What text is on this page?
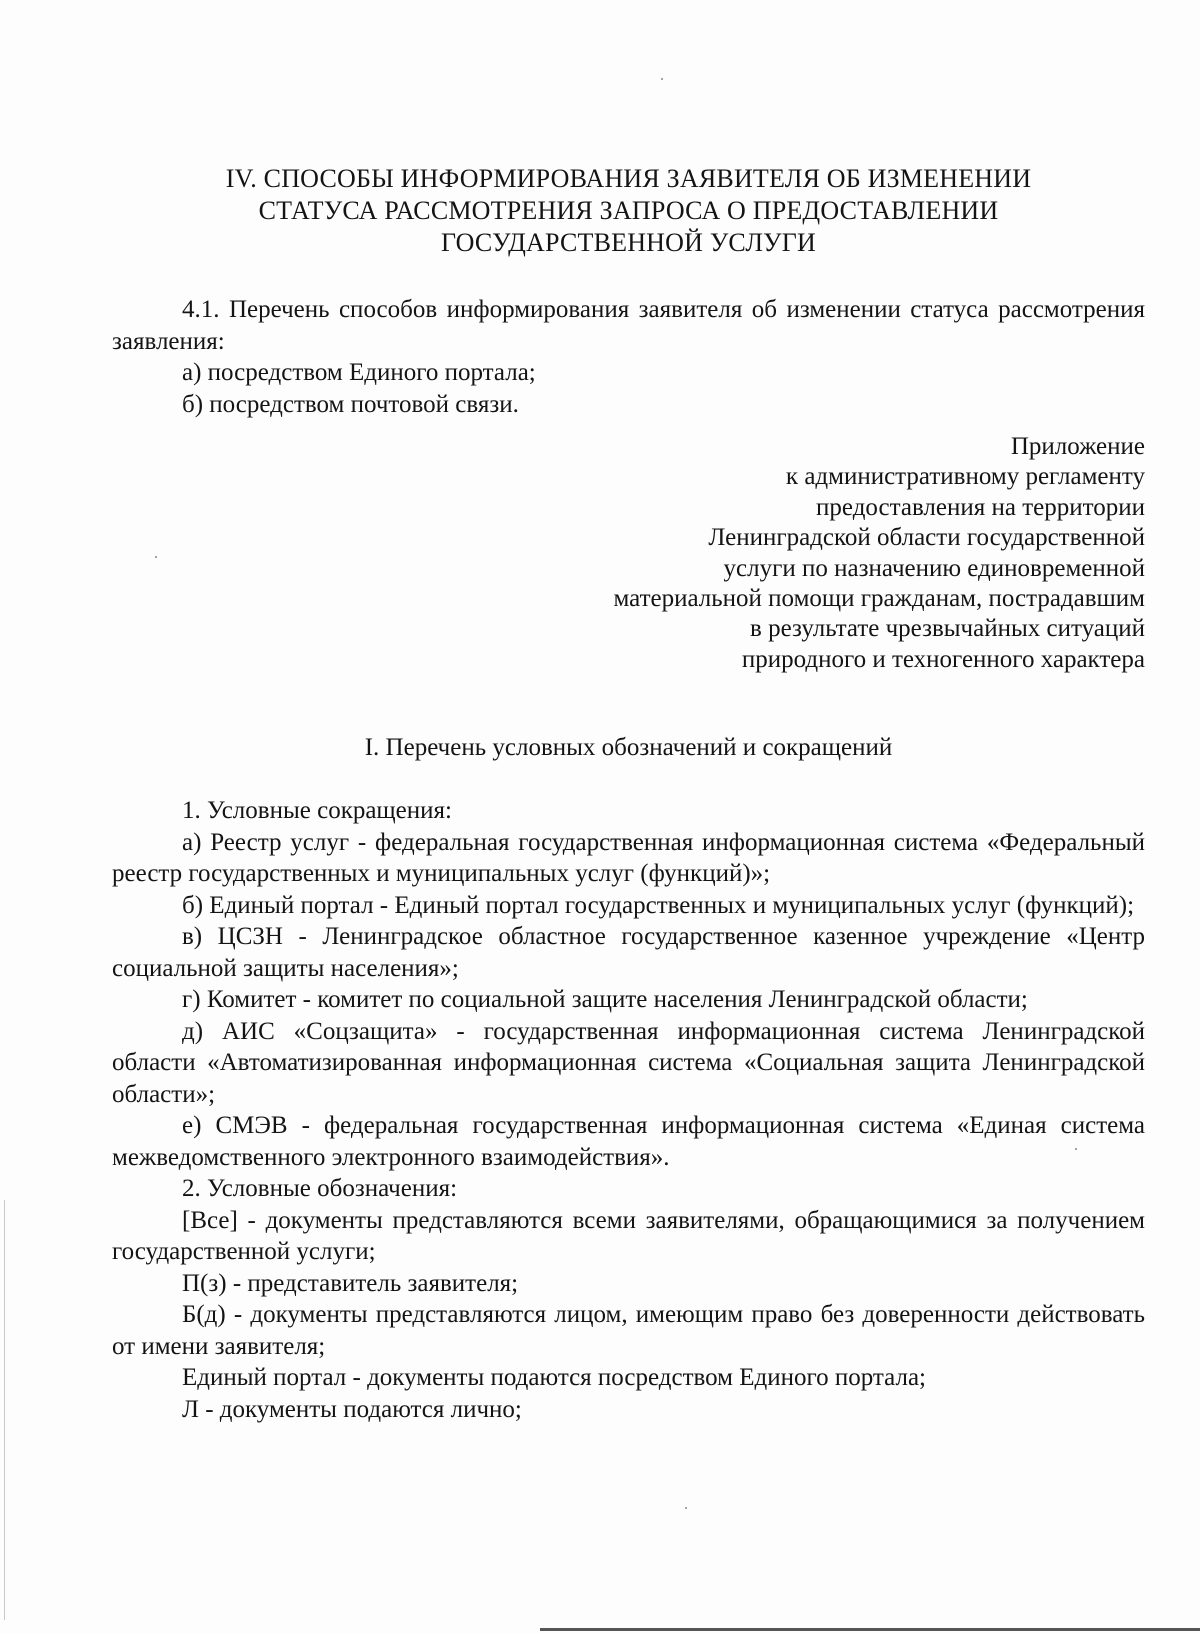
IV. СПОСОБЫ ИНФОРМИРОВАНИЯ ЗАЯВИТЕЛЯ ОБ ИЗМЕНЕНИИ
СТАТУСА РАССМОТРЕНИЯ ЗАПРОСА О ПРЕДОСТАВЛЕНИИ
ГОСУДАРСТВЕННОЙ УСЛУГИ

4.1. Перечень способов информирования заявителя об изменении статуса рассмотрения заявления:

а) посредством Единого портала;

б) посредством почтовой связи.

Приложение
к административному регламенту
предоставления на территории
Ленинградской области государственной
услуги по назначению единовременной
материальной помощи гражданам, пострадавшим
в результате чрезвычайных ситуаций
природного и техногенного характера
I. Перечень условных обозначений и сокращений

1. Условные сокращения:

а) Реестр услуг - федеральная государственная информационная система «Федеральный реестр государственных и муниципальных услуг (функций)»;

б) Единый портал - Единый портал государственных и муниципальных услуг (функций);

в) ЦСЗН - Ленинградское областное государственное казенное учреждение «Центр социальной защиты населения»;

г) Комитет - комитет по социальной защите населения Ленинградской области;

д) АИС «Соцзащита» - государственная информационная система Ленинградской области «Автоматизированная информационная система «Социальная защита Ленинградской области»;

е) СМЭВ - федеральная государственная информационная система «Единая система межведомственного электронного взаимодействия».

2. Условные обозначения:

[Все] - документы представляются всеми заявителями, обращающимися за получением государственной услуги;

П(з) - представитель заявителя;

Б(д) - документы представляются лицом, имеющим право без доверенности действовать от имени заявителя;

Единый портал - документы подаются посредством Единого портала;

Л - документы подаются лично;
